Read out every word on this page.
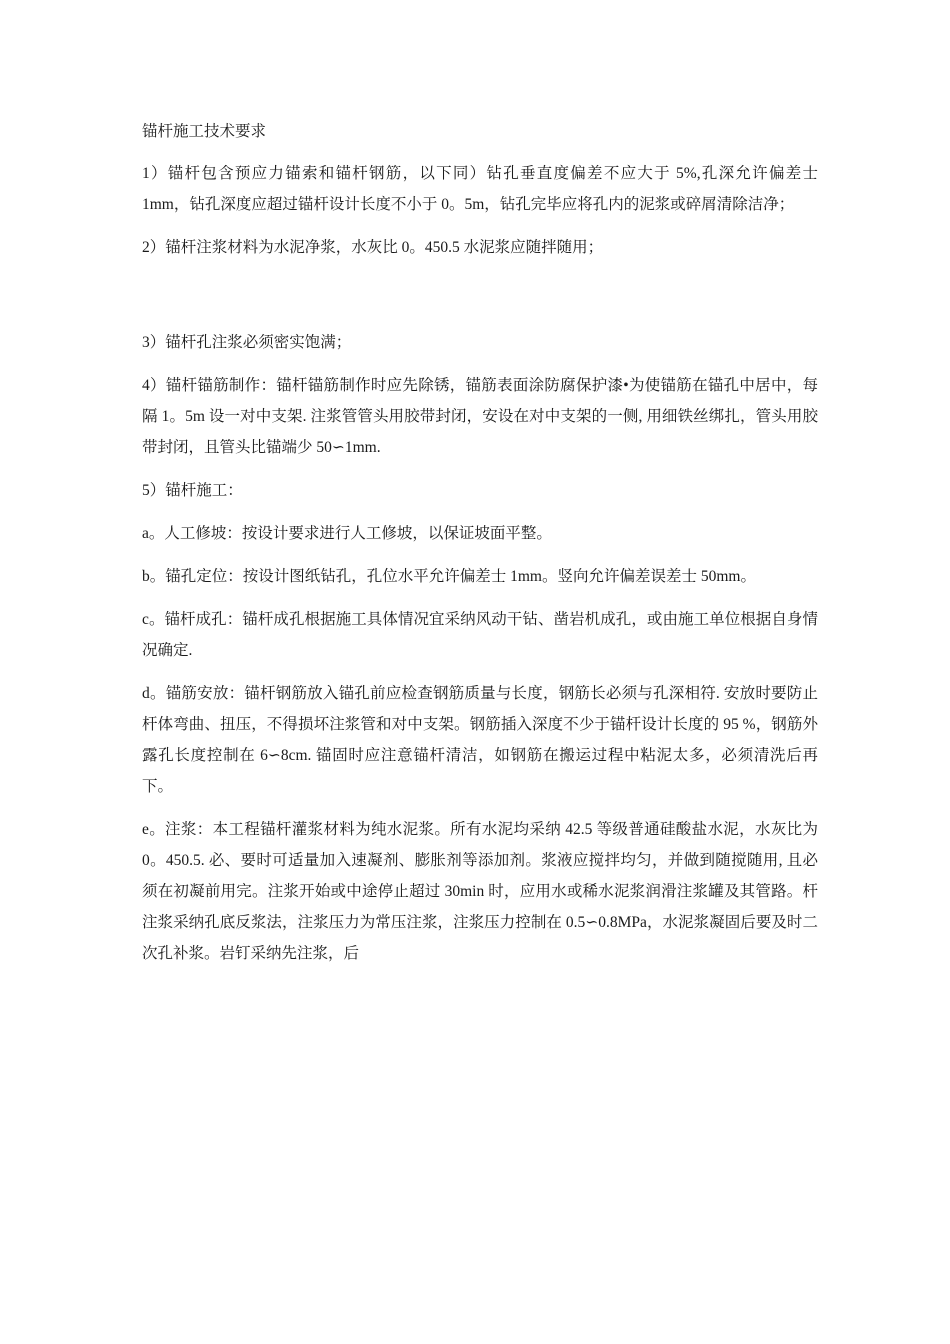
锚杆施工技术要求

1）锚杆包含预应力锚索和锚杆钢筋，以下同）钻孔垂直度偏差不应大于 5%,孔深允许偏差士 1mm，钻孔深度应超过锚杆设计长度不小于 0。5m，钻孔完毕应将孔内的泥浆或碎屑清除洁净；

2）锚杆注浆材料为水泥净浆，水灰比 0。450.5 水泥浆应随拌随用；

3）锚杆孔注浆必须密实饱满；

4）锚杆锚筋制作：锚杆锚筋制作时应先除锈，锚筋表面涂防腐保护漆•为使锚筋在锚孔中居中，每隔 1。5m 设一对中支架. 注浆管管头用胶带封闭，安设在对中支架的一侧, 用细铁丝绑扎，管头用胶带封闭，且管头比锚端少 50∽1mm.

5）锚杆施工：

a。人工修坡：按设计要求进行人工修坡，以保证坡面平整。

b。锚孔定位：按设计图纸钻孔，孔位水平允许偏差士 1mm。竖向允许偏差误差士 50mm。

c。锚杆成孔：锚杆成孔根据施工具体情况宜采纳风动干钻、凿岩机成孔，或由施工单位根据自身情况确定.

d。锚筋安放：锚杆钢筋放入锚孔前应检查钢筋质量与长度，钢筋长必须与孔深相符. 安放时要防止杆体弯曲、扭压，不得损坏注浆管和对中支架。钢筋插入深度不少于锚杆设计长度的 95 %，钢筋外露孔长度控制在 6∽8cm. 锚固时应注意锚杆清洁，如钢筋在搬运过程中粘泥太多，必须清洗后再下。

e。注浆：本工程锚杆灌浆材料为纯水泥浆。所有水泥均采纳 42.5 等级普通硅酸盐水泥，水灰比为 0。450.5. 必、要时可适量加入速凝剂、膨胀剂等添加剂。浆液应搅拌均匀，并做到随搅随用, 且必须在初凝前用完。注浆开始或中途停止超过 30min 时，应用水或稀水泥浆润滑注浆罐及其管路。杆注浆采纳孔底反浆法，注浆压力为常压注浆，注浆压力控制在 0.5∽0.8MPa，水泥浆凝固后要及时二次孔补浆。岩钉采纳先注浆，后
